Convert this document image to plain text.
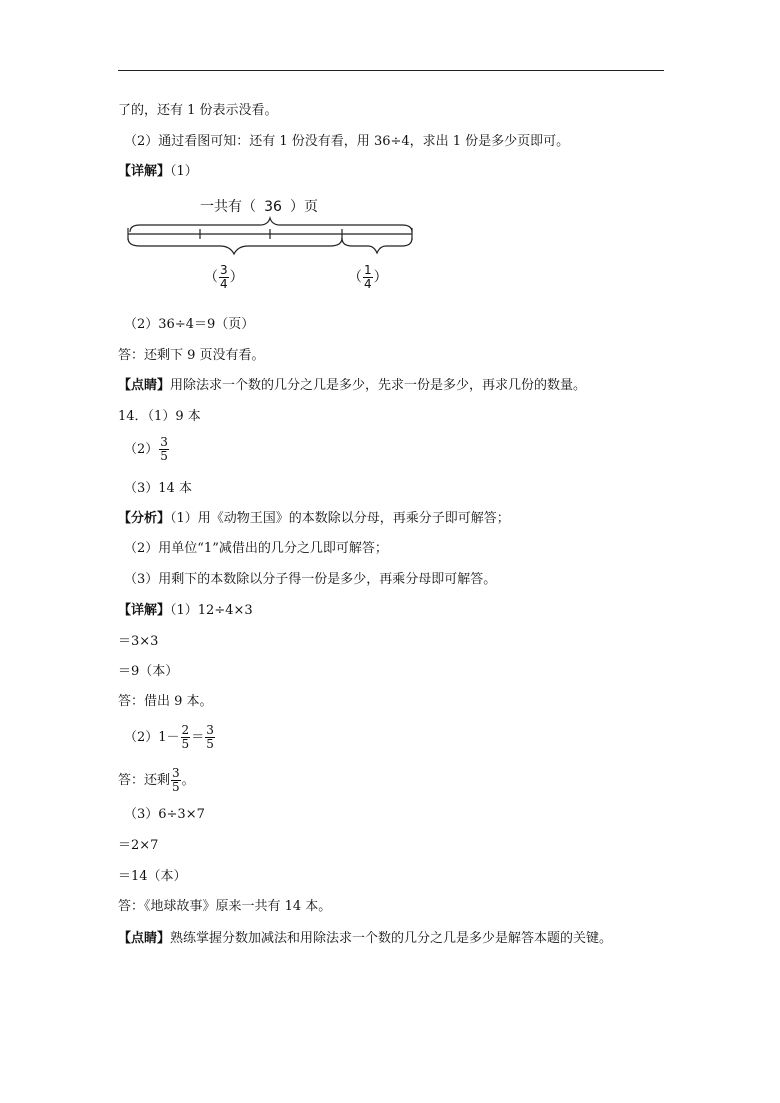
了的，还有 1 份表示没看。
（2）通过看图可知：还有 1 份没有看，用 36÷4，求出 1 份是多少页即可。
【详解】（1）
一共有（ 36 ）页
（ $\frac{3}{4}$ ）	（ $\frac{1}{4}$ ）
（2）36÷4＝9（页）
答：还剩下 9 页没有看。
【点睛】用除法求一个数的几分之几是多少，先求一份是多少，再求几份的数量。
14．（1）9 本
$(2) \frac{3}{5}$
（3）14 本
【分析】（1）用《动物王国》的本数除以分母，再乘分子即可解答；
（2）用单位“1”减借出的几分之几即可解答；
（3）用剩下的本数除以分子得一份是多少，再乘分母即可解答。
【详解】（1）12÷4×3
＝3×3
＝9（本）
答：借出 9 本。
$(2)1- \frac{2}{5} = \frac{3}{5}$
答：还剩 $\frac{3}{5}$ 。
（3）6÷3×7
＝2×7
＝14（本）
答：《地球故事》原来一共有 14 本。
【点睛】熟练掌握分数加减法和用除法求一个数的几分之几是多少是解答本题的关键。
